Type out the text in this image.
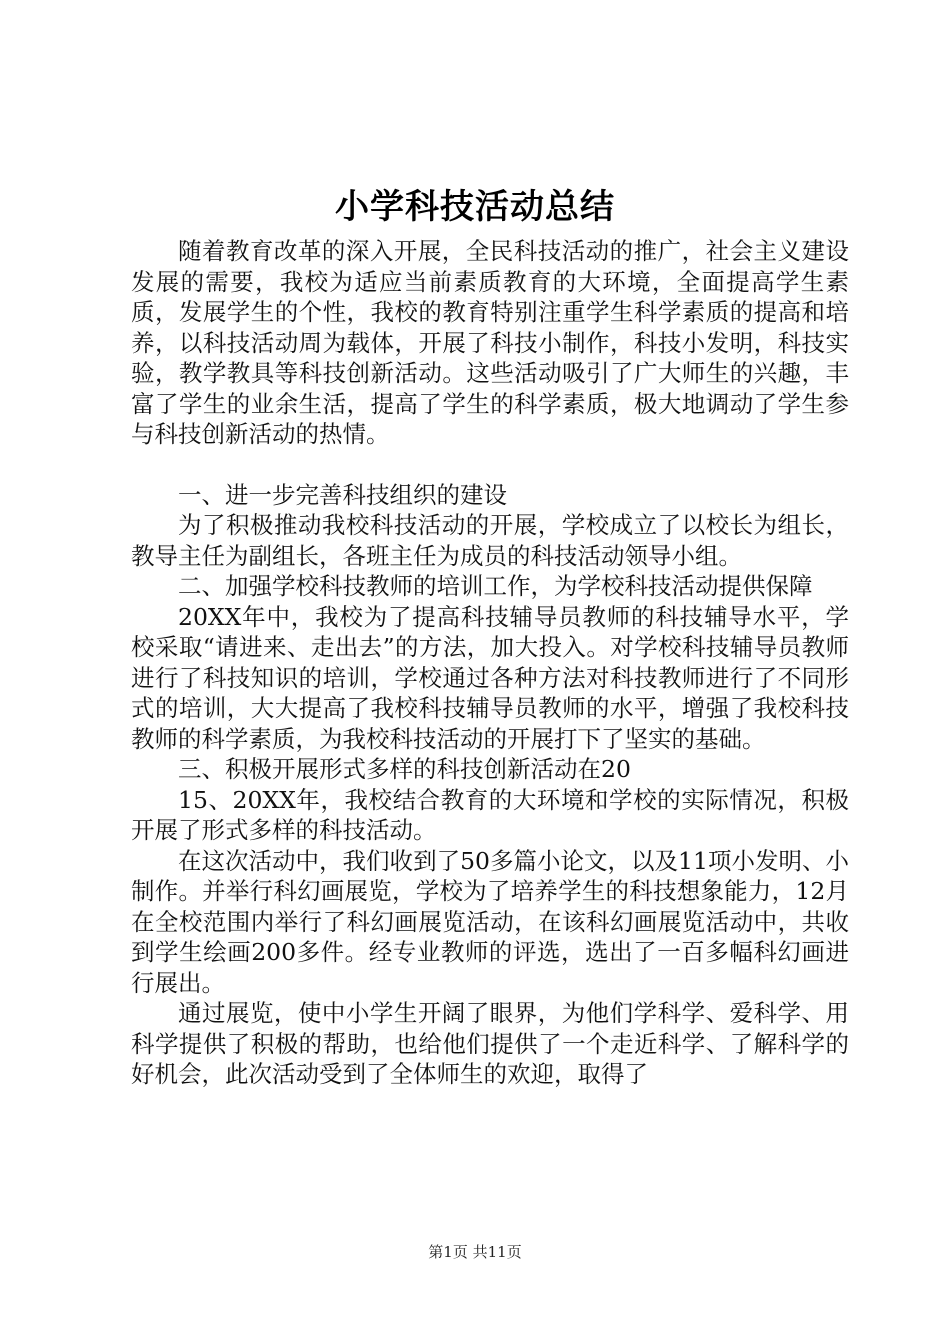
小学科技活动总结

随着教育改革的深入开展，全民科技活动的推广，社会主义建设发展的需要，我校为适应当前素质教育的大环境，全面提高学生素质，发展学生的个性，我校的教育特别注重学生科学素质的提高和培养，以科技活动周为载体，开展了科技小制作，科技小发明，科技实验，教学教具等科技创新活动。这些活动吸引了广大师生的兴趣，丰富了学生的业余生活，提高了学生的科学素质，极大地调动了学生参与科技创新活动的热情。

一、进一步完善科技组织的建设

为了积极推动我校科技活动的开展，学校成立了以校长为组长，教导主任为副组长，各班主任为成员的科技活动领导小组。

二、加强学校科技教师的培训工作，为学校科技活动提供保障

20XX年中，我校为了提高科技辅导员教师的科技辅导水平，学校采取“请进来、走出去”的方法，加大投入。对学校科技辅导员教师进行了科技知识的培训，学校通过各种方法对科技教师进行了不同形式的培训，大大提高了我校科技辅导员教师的水平，增强了我校科技教师的科学素质，为我校科技活动的开展打下了坚实的基础。

三、积极开展形式多样的科技创新活动在20

15、20XX年，我校结合教育的大环境和学校的实际情况，积极开展了形式多样的科技活动。

在这次活动中，我们收到了50多篇小论文，以及11项小发明、小制作。并举行科幻画展览，学校为了培养学生的科技想象能力，12月在全校范围内举行了科幻画展览活动，在该科幻画展览活动中，共收到学生绘画200多件。经专业教师的评选，选出了一百多幅科幻画进行展出。

通过展览，使中小学生开阔了眼界，为他们学科学、爱科学、用科学提供了积极的帮助，也给他们提供了一个走近科学、了解科学的好机会，此次活动受到了全体师生的欢迎，取得了

第1页 共11页
